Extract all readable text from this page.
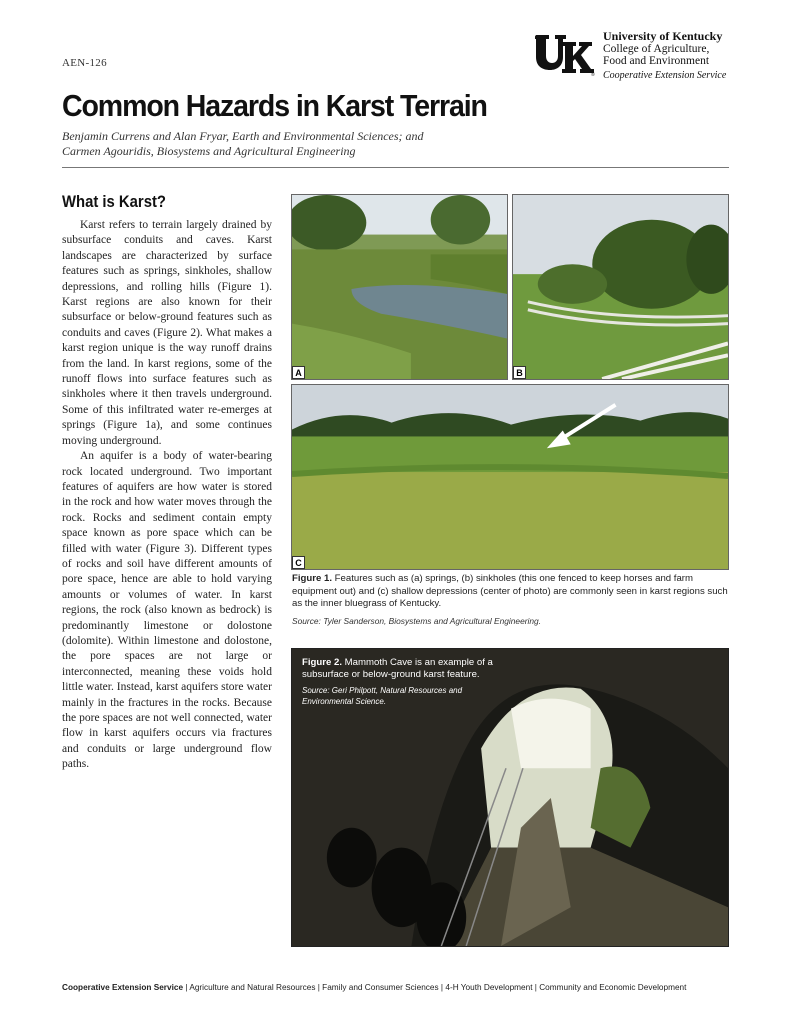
AEN-126
®
University of Kentucky
College of Agriculture,
Food and Environment
Cooperative Extension Service
Common Hazards in Karst Terrain
Benjamin Currens and Alan Fryar, Earth and Environmental Sciences; and
Carmen Agouridis, Biosystems and Agricultural Engineering
What is Karst?

Karst refers to terrain largely drained by subsurface conduits and caves. Karst landscapes are characterized by surface features such as springs, sinkholes, shallow depressions, and rolling hills (Figure 1). Karst regions are also known for their subsurface or below-ground features such as conduits and caves (Figure 2). What makes a karst region unique is the way runoff drains from the land. In karst regions, some of the runoff flows into surface features such as sinkholes where it then travels underground. Some of this infiltrated water re-emerges at springs (Figure 1a), and some continues moving underground.

An aquifer is a body of water-bearing rock located underground. Two important features of aquifers are how water is stored in the rock and how water moves through the rock. Rocks and sediment contain empty space known as pore space which can be filled with water (Figure 3). Different types of rocks and soil have different amounts of pore space, hence are able to hold varying amounts or volumes of water. In karst regions, the rock (also known as bedrock) is predominantly limestone or dolostone (dolomite). Within limestone and dolostone, the pore spaces are not large or interconnected, meaning these voids hold little water. Instead, karst aquifers store water mainly in the fractures in the rocks. Because the pore spaces are not well connected, water flow in karst aquifers occurs via fractures and conduits or large underground flow paths.

A	B
C
Figure 1. Features such as (a) springs, (b) sinkholes (this one fenced to keep horses and farm equipment out) and (c) shallow depressions (center of photo) are commonly seen in karst regions such as the inner bluegrass of Kentucky.
Source: Tyler Sanderson, Biosystems and Agricultural Engineering.
Figure 2. Mammoth Cave is an example of a subsurface or below-ground karst feature.
Source: Geri Philpott, Natural Resources and Environmental Science.
Cooperative Extension Service | Agriculture and Natural Resources | Family and Consumer Sciences | 4-H Youth Development | Community and Economic Development
